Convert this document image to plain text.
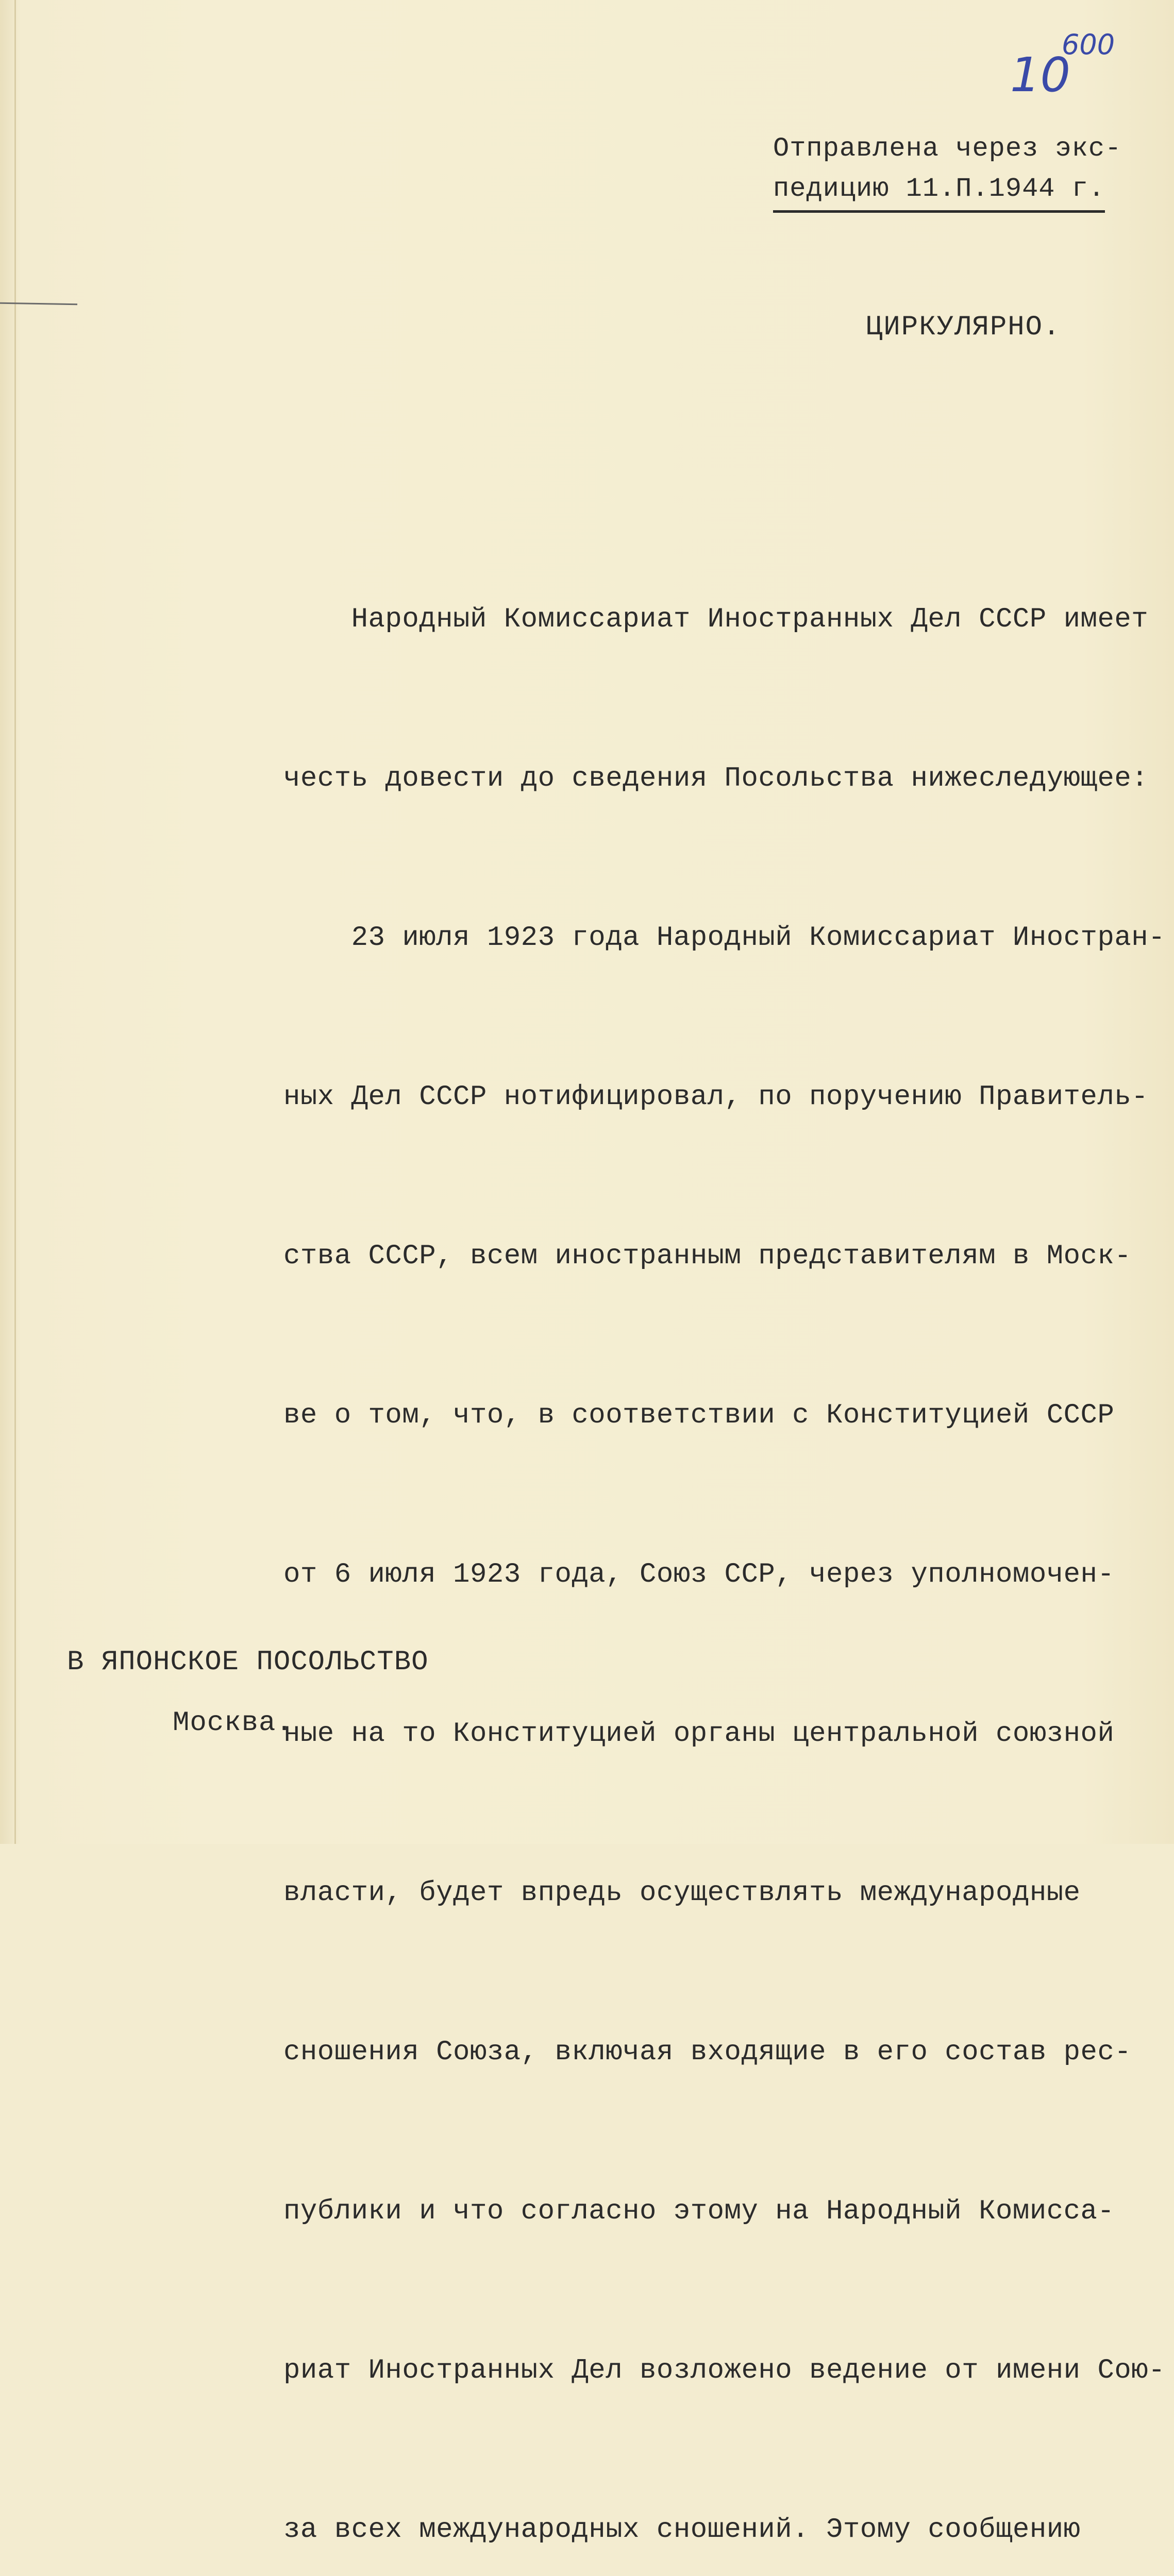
10
600
Отправлена через экс-
педицию 11.П.1944 г.
ЦИРКУЛЯРНО.

Народный Комиссариат Иностранных Дел СССР имеет

честь довести до сведения Посольства нижеследующее:

23 июля 1923 года Народный Комиссариат Иностран-

ных Дел СССР нотифицировал, по поручению Правитель-

ства СССР, всем иностранным представителям в Моск-

ве о том, что, в соответствии с Конституцией СССР

от 6 июля 1923 года, Союз ССР, через уполномочен-

ные на то Конституцией органы центральной союзной

власти, будет впредь осуществлять международные

сношения Союза, включая входящие в его состав рес-

публики и что согласно этому на Народный Комисса-

риат Иностранных Дел возложено ведение от имени Сою-

за всех международных сношений. Этому сообщению

В ЯПОНСКОЕ ПОСОЛЬСТВО
Москва.
